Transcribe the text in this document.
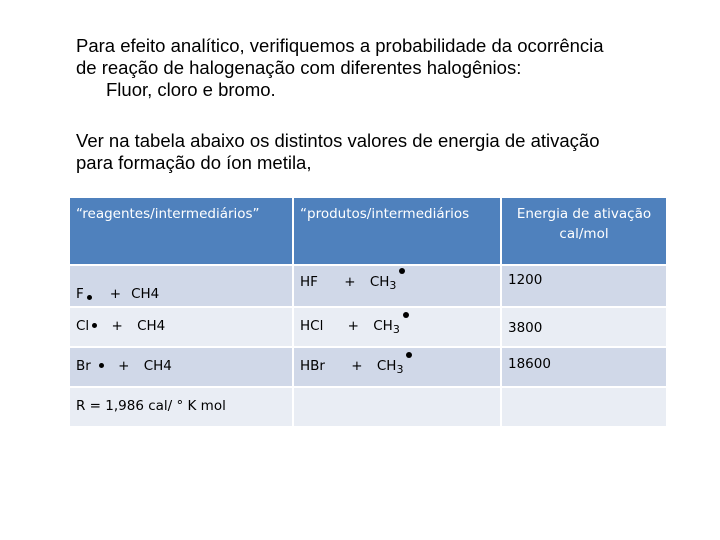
Para efeito analítico, verifiquemos a probabilidade da ocorrência
de reação de halogenação com diferentes halogênios:
Fluor, cloro e bromo.
Ver na tabela abaixo os distintos valores de energia de ativação
para formação do íon metila,
“reagentes/intermediários”	“produtos/intermediários	Energia de ativação
cal/mol

F + CH4	HF + $CH_3$	1200

Cl + CH4	HCl + $CH_3$	3800

Br + CH4	HBr + $CH_3$	18600

R = 1,986 cal/ ° K mol		
